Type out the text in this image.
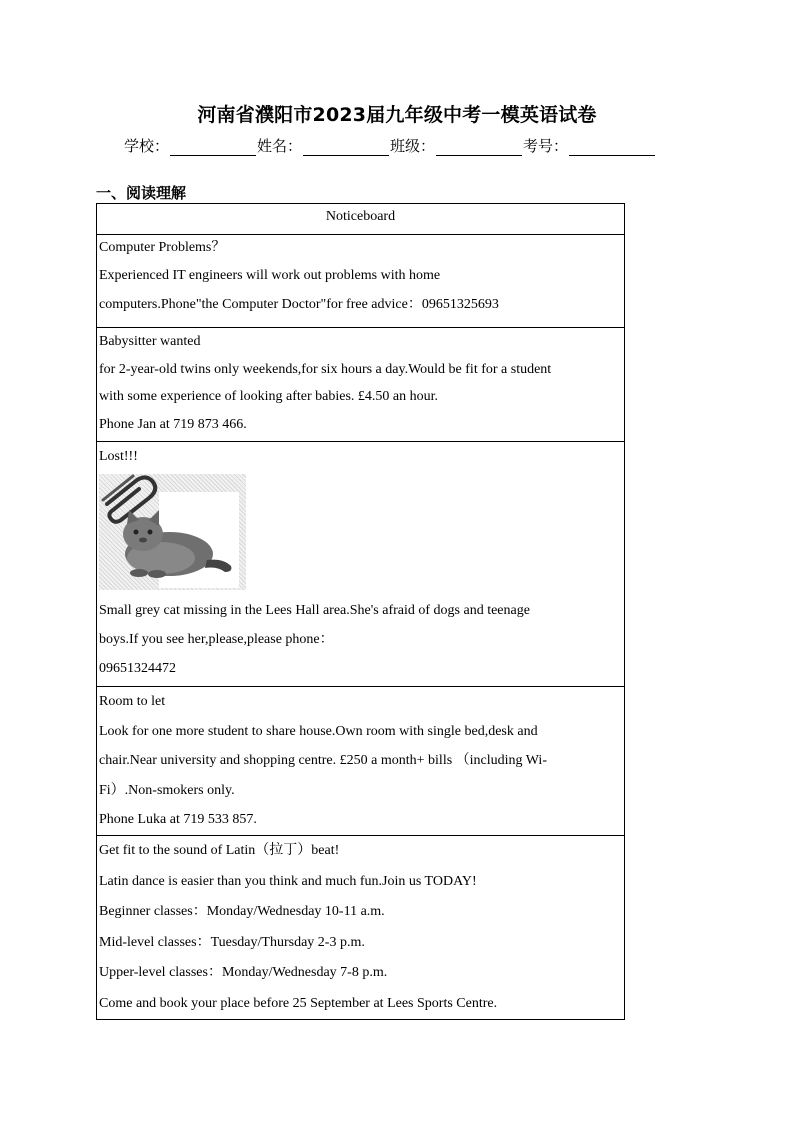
河南省濮阳市2023届九年级中考一模英语试卷
学校：	姓名：	班级：	考号：
一、阅读理解
Noticeboard

Computer Problems？
Experienced IT engineers will work out problems with home
computers.Phone"the Computer Doctor"for free advice：09651325693

Babysitter wanted
for 2-year-old twins only weekends,for six hours a day.Would be fit for a student
with some experience of looking after babies. £4.50 an hour.
Phone Jan at 719 873 466.

Lost!!!
Small grey cat missing in the Lees Hall area.She's afraid of dogs and teenage
boys.If you see her,please,please phone：
09651324472

Room to let
Look for one more student to share house.Own room with single bed,desk and
chair.Near university and shopping centre. £250 a month+ bills （including Wi-
Fi）.Non-smokers only.
Phone Luka at 719 533 857.

Get fit to the sound of Latin（拉丁）beat!
Latin dance is easier than you think and much fun.Join us TODAY!
Beginner classes：Monday/Wednesday 10-11 a.m.
Mid-level classes：Tuesday/Thursday 2-3 p.m.
Upper-level classes：Monday/Wednesday 7-8 p.m.
Come and book your place before 25 September at Lees Sports Centre.
